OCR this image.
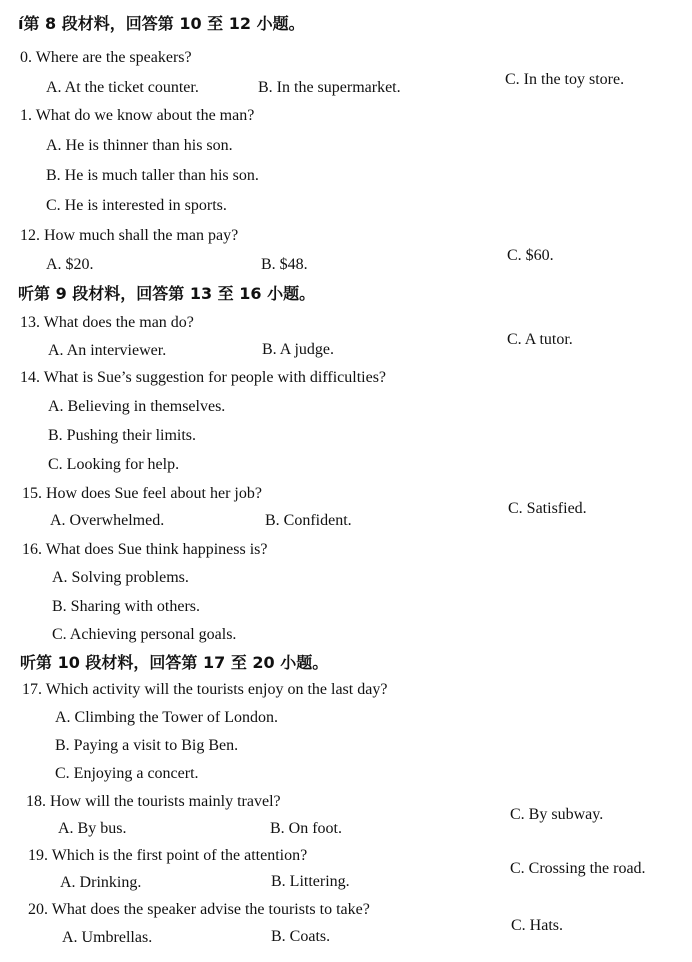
í第 8 段材料，回答第 10 至 12 小题。
0. Where are the speakers?
A. At the ticket counter.	B. In the supermarket.	C. In the toy store.
1. What do we know about the man?
A. He is thinner than his son.
B. He is much taller than his son.
C. He is interested in sports.
12. How much shall the man pay?
A. $20.	B. $48.
C. $60.
听第 9 段材料，回答第 13 至 16 小题。
13. What does the man do?
A. An interviewer.	B. A judge.
C. A tutor.
14. What is Sue’s suggestion for people with difficulties?
A. Believing in themselves.
B. Pushing their limits.
C. Looking for help.
15. How does Sue feel about her job?
A. Overwhelmed.	B. Confident.
C. Satisfied.
16. What does Sue think happiness is?
A. Solving problems.
B. Sharing with others.
C. Achieving personal goals.
听第 10 段材料，回答第 17 至 20 小题。
17. Which activity will the tourists enjoy on the last day?
A. Climbing the Tower of London.
B. Paying a visit to Big Ben.
C. Enjoying a concert.
18. How will the tourists mainly travel?
A. By bus.	B. On foot.
C. By subway.
19. Which is the first point of the attention?
A. Drinking.	B. Littering.
C. Crossing the road.
20. What does the speaker advise the tourists to take?
A. Umbrellas.	B. Coats.
C. Hats.
